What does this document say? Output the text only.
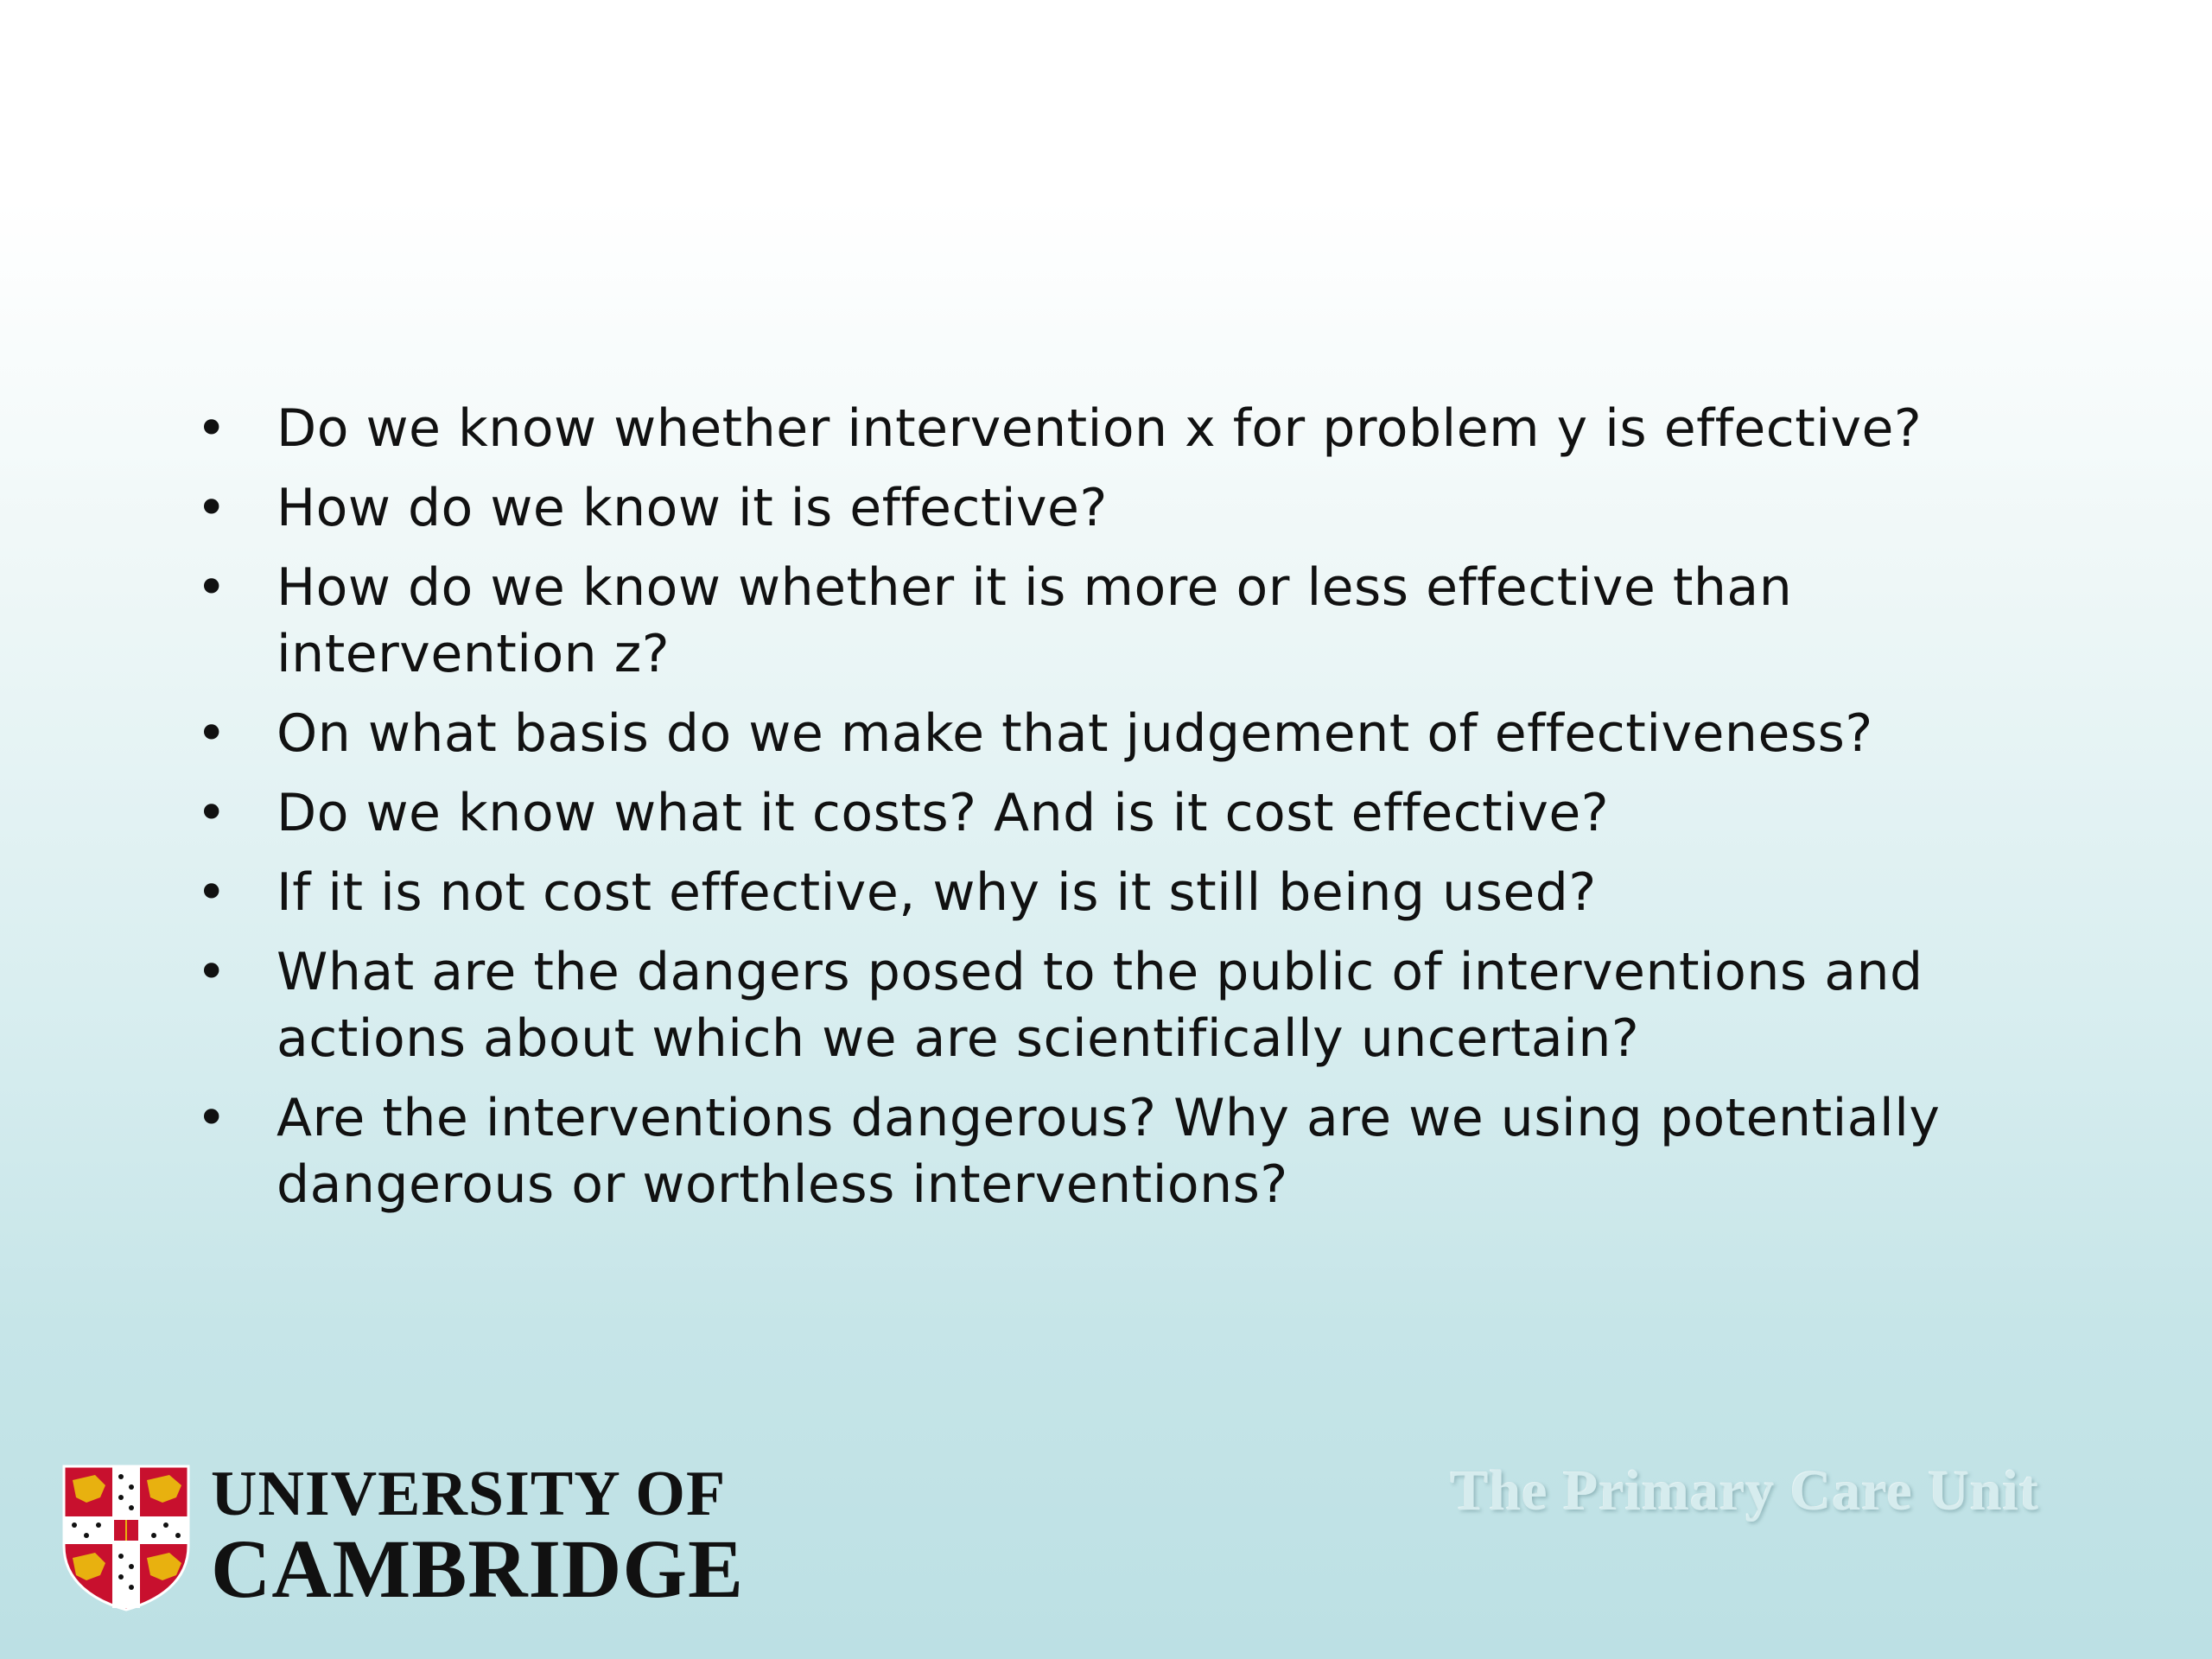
• Do we know whether intervention x for problem y is effective?
• How do we know it is effective?
• How do we know whether it is more or less effective than
intervention z?
• On what basis do we make that judgement of effectiveness?
• Do we know what it costs? And is it cost effective?
• If it is not cost effective, why is it still being used?
• What are the dangers posed to the public of interventions and
actions about which we are scientifically uncertain?
• Are the interventions dangerous? Why are we using potentially
dangerous or worthless interventions?
UNIVERSITY OF
CAMBRIDGE
The Primary Care Unit
